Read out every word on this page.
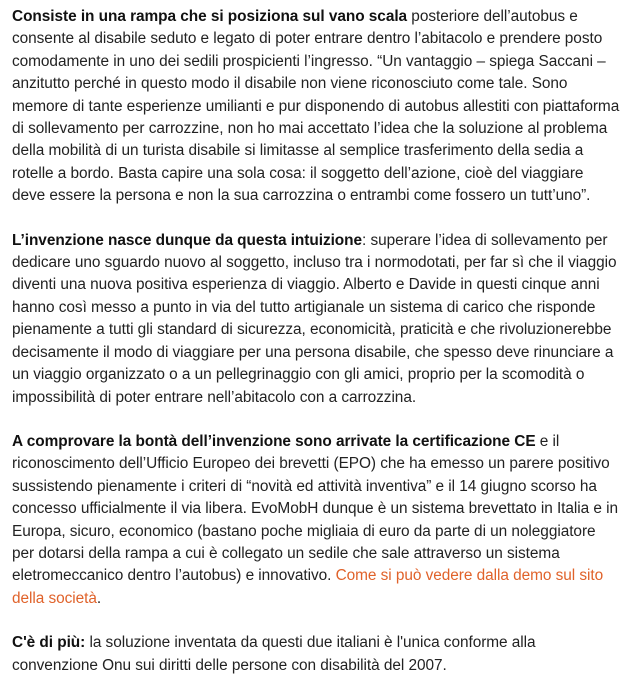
Consiste in una rampa che si posiziona sul vano scala posteriore dell’autobus e consente al disabile seduto e legato di poter entrare dentro l’abitacolo e prendere posto comodamente in uno dei sedili prospicienti l’ingresso. “Un vantaggio – spiega Saccani – anzitutto perché in questo modo il disabile non viene riconosciuto come tale. Sono memore di tante esperienze umilianti e pur disponendo di autobus allestiti con piattaforma di sollevamento per carrozzine, non ho mai accettato l’idea che la soluzione al problema della mobilità di un turista disabile si limitasse al semplice trasferimento della sedia a rotelle a bordo. Basta capire una sola cosa: il soggetto dell’azione, cioè del viaggiare deve essere la persona e non la sua carrozzina o entrambi come fossero un tutt’uno”.

L’invenzione nasce dunque da questa intuizione: superare l’idea di sollevamento per dedicare uno sguardo nuovo al soggetto, incluso tra i normodotati, per far sì che il viaggio diventi una nuova positiva esperienza di viaggio. Alberto e Davide in questi cinque anni hanno così messo a punto in via del tutto artigianale un sistema di carico che risponde pienamente a tutti gli standard di sicurezza, economicità, praticità e che rivoluzionerebbe decisamente il modo di viaggiare per una persona disabile, che spesso deve rinunciare a un viaggio organizzato o a un pellegrinaggio con gli amici, proprio per la scomodità o impossibilità di poter entrare nell’abitacolo con a carrozzina.

A comprovare la bontà dell’invenzione sono arrivate la certificazione CE e il riconoscimento dell’Ufficio Europeo dei brevetti (EPO) che ha emesso un parere positivo sussistendo pienamente i criteri di “novità ed attività inventiva” e il 14 giugno scorso ha concesso ufficialmente il via libera. EvoMobH dunque è un sistema brevettato in Italia e in Europa, sicuro, economico (bastano poche migliaia di euro da parte di un noleggiatore per dotarsi della rampa a cui è collegato un sedile che sale attraverso un sistema eletromeccanico dentro l’autobus) e innovativo. Come si può vedere dalla demo sul sito della società.

C'è di più: la soluzione inventata da questi due italiani è l'unica conforme alla convenzione Onu sui diritti delle persone con disabilità del 2007.
